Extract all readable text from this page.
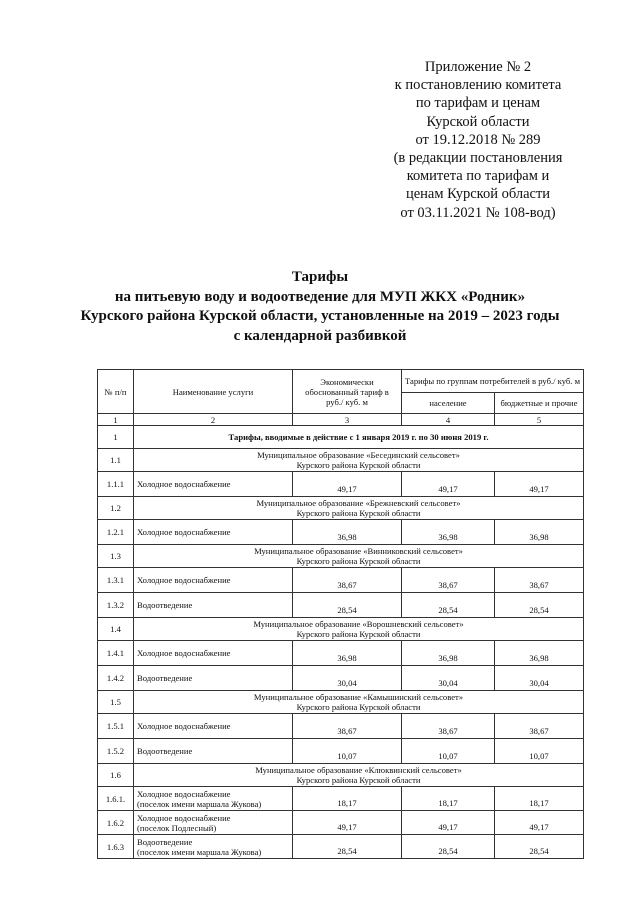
Приложение № 2
к постановлению комитета
по тарифам и ценам
Курской области
от 19.12.2018 № 289
(в редакции постановления
комитета по тарифам и
ценам Курской области
от 03.11.2021 № 108-вод)
Тарифы
на питьевую воду и водоотведение для МУП ЖКХ «Родник»
Курского района Курской области, установленные на 2019 – 2023 годы
с календарной разбивкой
№ п/п	Наименование услуги	Экономически обоснованный тариф в руб./ куб. м	Тарифы по группам потребителей в руб./ куб. м	
			население	бюджетные и прочие
1	2	3	4	5
1	Тарифы, вводимые в действие с 1 января 2019 г. по 30 июня 2019 г.			
1.1	Муниципальное образование «Бесединский сельсовет»
Курского района Курской области			

1.1.1	Холодное водоснабжение	49,17	49,17	49,17
1.2	Муниципальное образование «Брежневский сельсовет»
Курского района Курской области			

1.2.1	Холодное водоснабжение	36,98	36,98	36,98
1.3	Муниципальное образование «Винниковский сельсовет»
Курского района Курской области			

1.3.1	Холодное водоснабжение	38,67	38,67	38,67
1.3.2	Водоотведение	28,54	28,54	28,54
1.4	Муниципальное образование «Ворошневский сельсовет»
Курского района Курской области			

1.4.1	Холодное водоснабжение	36,98	36,98	36,98
1.4.2	Водоотведение	30,04	30,04	30,04
1.5	Муниципальное образование «Камышинский сельсовет»
Курского района Курской области			

1.5.1	Холодное водоснабжение	38,67	38,67	38,67
1.5.2	Водоотведение	10,07	10,07	10,07
1.6	Муниципальное образование «Клюквинский сельсовет»
Курского района Курской области			

1.6.1.	Холодное водоснабжение
(поселок имени маршала Жукова)	18,17	18,17	18,17
1.6.2	Холодное водоснабжение
(поселок Подлесный)	49,17	49,17	49,17
1.6.3	Водоотведение
(поселок имени маршала Жукова)	28,54	28,54	28,54
